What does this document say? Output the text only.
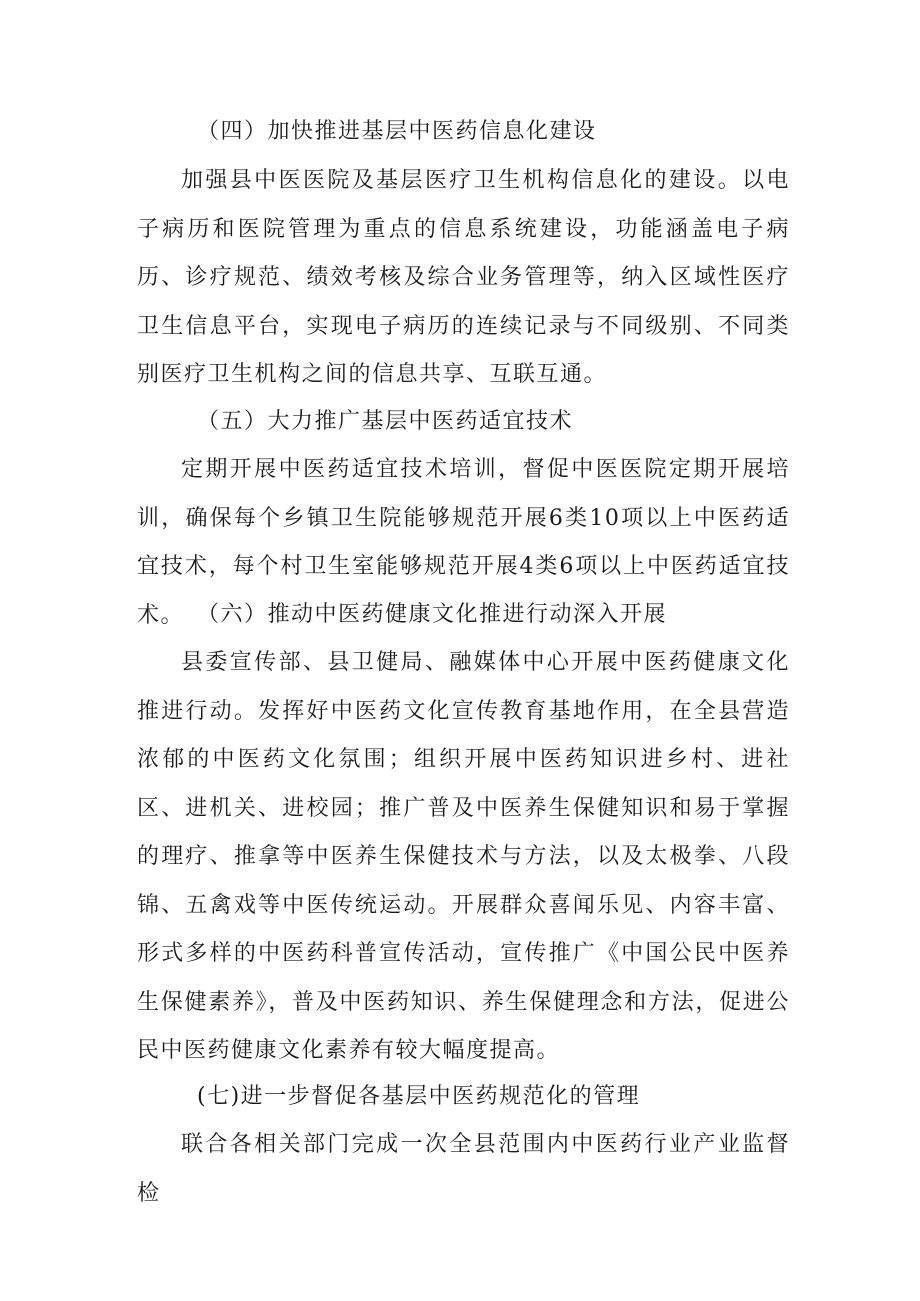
（四）加快推进基层中医药信息化建设

加强县中医医院及基层医疗卫生机构信息化的建设。以电子病历和医院管理为重点的信息系统建设，功能涵盖电子病历、诊疗规范、绩效考核及综合业务管理等，纳入区域性医疗卫生信息平台，实现电子病历的连续记录与不同级别、不同类别医疗卫生机构之间的信息共享、互联互通。

（五）大力推广基层中医药适宜技术

定期开展中医药适宜技术培训，督促中医医院定期开展培训，确保每个乡镇卫生院能够规范开展6类10项以上中医药适宜技术，每个村卫生室能够规范开展4类6项以上中医药适宜技术。 （六）推动中医药健康文化推进行动深入开展

县委宣传部、县卫健局、融媒体中心开展中医药健康文化推进行动。发挥好中医药文化宣传教育基地作用，在全县营造浓郁的中医药文化氛围；组织开展中医药知识进乡村、进社区、进机关、进校园；推广普及中医养生保健知识和易于掌握的理疗、推拿等中医养生保健技术与方法，以及太极拳、八段锦、五禽戏等中医传统运动。开展群众喜闻乐见、内容丰富、形式多样的中医药科普宣传活动，宣传推广《中国公民中医养生保健素养》，普及中医药知识、养生保健理念和方法，促进公民中医药健康文化素养有较大幅度提高。

(七)进一步督促各基层中医药规范化的管理

联合各相关部门完成一次全县范围内中医药行业产业监督检
